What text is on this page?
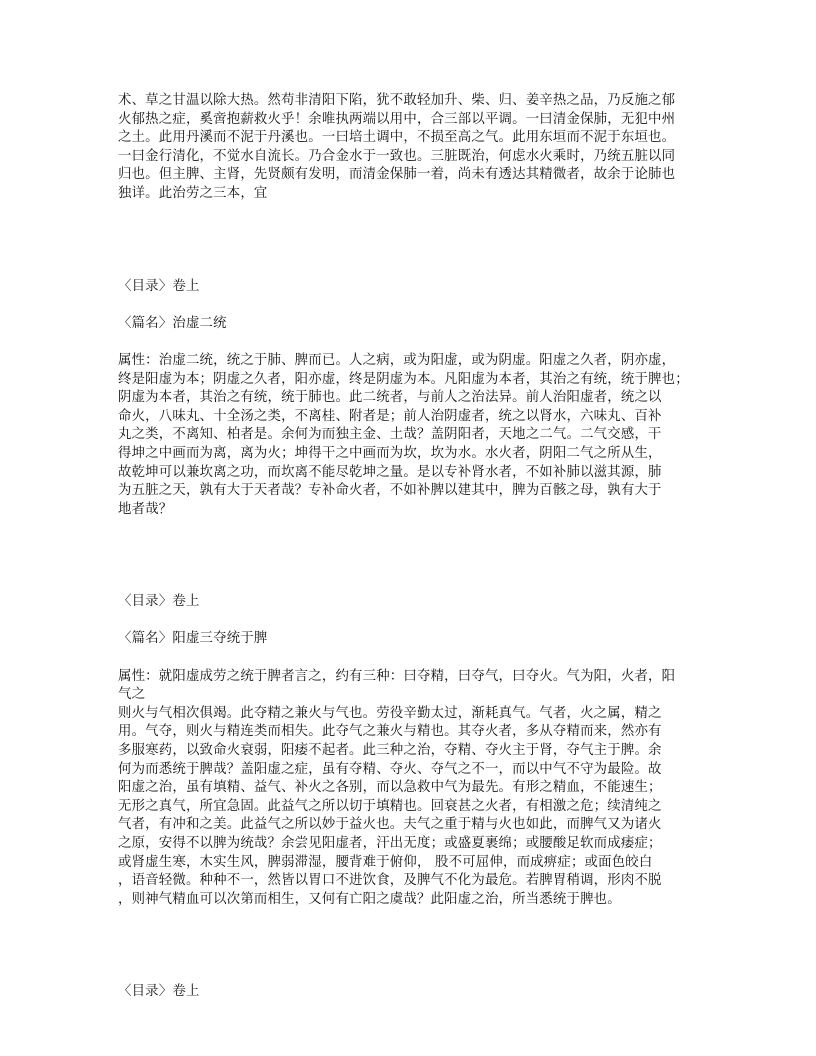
术、草之甘温以除大热。然苟非清阳下陷，犹不敢轻加升、柴、归、姜辛热之品，乃反施之郁
火郁热之症，奚啻抱薪救火乎！余唯执两端以用中，合三部以平调。一曰清金保肺，无犯中州
之土。此用丹溪而不泥于丹溪也。一曰培土调中，不损至高之气。此用东垣而不泥于东垣也。
一曰金行清化，不觉水自流长。乃合金水于一致也。三脏既治，何虑水火乘时，乃统五脏以同
归也。但主脾、主肾，先贤颇有发明，而清金保肺一着，尚未有透达其精微者，故余于论肺也
独详。此治劳之三本，宜
〈目录〉卷上
〈篇名〉治虚二统
属性：治虚二统，统之于肺、脾而已。人之病，或为阳虚，或为阴虚。阳虚之久者，阴亦虚，
终是阳虚为本；阴虚之久者，阳亦虚，终是阴虚为本。凡阳虚为本者，其治之有统，统于脾也；
阴虚为本者，其治之有统，统于肺也。此二统者，与前人之治法异。前人治阳虚者，统之以
命火，八味丸、十全汤之类，不离桂、附者是；前人治阴虚者，统之以肾水，六味丸、百补
丸之类，不离知、柏者是。余何为而独主金、土哉？盖阴阳者，天地之二气。二气交感，干
得坤之中画而为离，离为火；坤得干之中画而为坎，坎为水。水火者，阴阳二气之所从生，
故乾坤可以兼坎离之功，而坎离不能尽乾坤之量。是以专补肾水者，不如补肺以滋其源，肺
为五脏之天，孰有大于天者哉？专补命火者，不如补脾以建其中，脾为百骸之母，孰有大于
地者哉？
〈目录〉卷上
〈篇名〉阳虚三夺统于脾
属性：就阳虚成劳之统于脾者言之，约有三种：曰夺精，曰夺气，曰夺火。气为阳，火者，阳
气之
则火与气相次俱竭。此夺精之兼火与气也。劳役辛勤太过，渐耗真气。气者，火之属，精之
用。气夺，则火与精连类而相失。此夺气之兼火与精也。其夺火者，多从夺精而来，然亦有
多服寒药，以致命火衰弱，阳痿不起者。此三种之治，夺精、夺火主于肾，夺气主于脾。余
何为而悉统于脾哉？盖阳虚之症，虽有夺精、夺火、夺气之不一，而以中气不守为最险。故
阳虚之治，虽有填精、益气、补火之各别，而以急救中气为最先。有形之精血，不能速生；
无形之真气，所宜急固。此益气之所以切于填精也。回衰甚之火者，有相激之危；续清纯之
气者，有冲和之美。此益气之所以妙于益火也。夫气之重于精与火也如此，而脾气又为诸火
之原，安得不以脾为统哉？余尝见阳虚者，汗出无度；或盛夏裹绵；或腰酸足软而成痿症；
或肾虚生寒，木实生风，脾弱滞湿，腰背难于俯仰， 股不可屈伸，而成痹症；或面色皎白
，语音轻微。种种不一，然皆以胃口不进饮食，及脾气不化为最危。若脾胃稍调，形肉不脱
，则神气精血可以次第而相生，又何有亡阳之虞哉？此阳虚之治，所当悉统于脾也。
〈目录〉卷上
